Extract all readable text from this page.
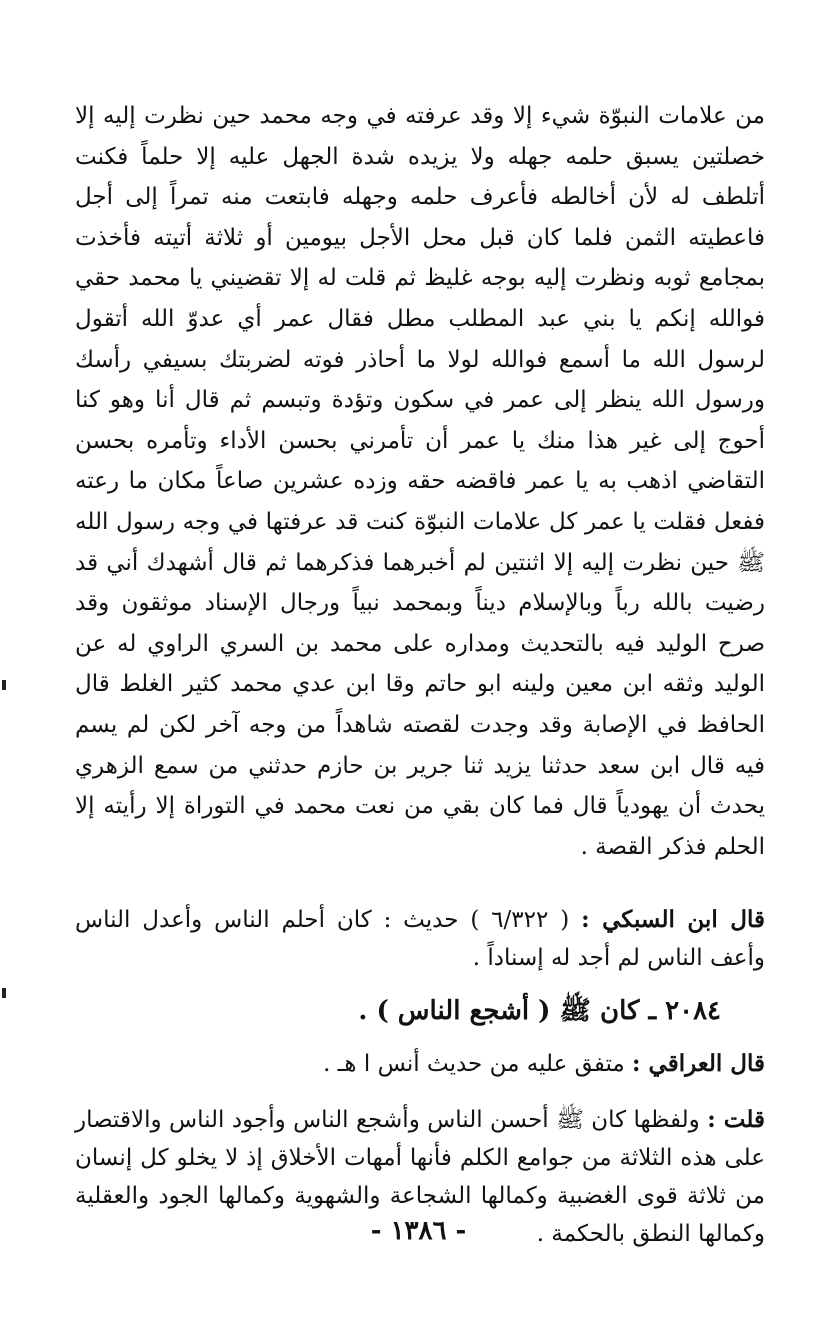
من علامات النبوّة شيء إلا وقد عرفته في وجه محمد حين نظرت إليه إلا خصلتين يسبق حلمه جهله ولا يزيده شدة الجهل عليه إلا حلماً فكنت أتلطف له لأن أخالطه فأعرف حلمه وجهله فابتعت منه تمراً إلى أجل فاعطيته الثمن فلما كان قبل محل الأجل بيومين أو ثلاثة أتيته فأخذت بمجامع ثوبه ونظرت إليه بوجه غليظ ثم قلت له إلا تقضيني يا محمد حقي فوالله إنكم يا بني عبد المطلب مطل فقال عمر أي عدوّ الله أتقول لرسول الله ما أسمع فوالله لولا ما أحاذر فوته لضربتك بسيفي رأسك ورسول الله ينظر إلى عمر في سكون وتؤدة وتبسم ثم قال أنا وهو كنا أحوج إلى غير هذا منك يا عمر أن تأمرني بحسن الأداء وتأمره بحسن التقاضي اذهب به يا عمر فاقضه حقه وزده عشرين صاعاً مكان ما رعته ففعل فقلت يا عمر كل علامات النبوّة كنت قد عرفتها في وجه رسول الله ﷺ حين نظرت إليه إلا اثنتين لم أخبرهما فذكرهما ثم قال أشهدك أني قد رضيت بالله رباً وبالإسلام ديناً وبمحمد نبياً ورجال الإسناد موثقون وقد صرح الوليد فيه بالتحديث ومداره على محمد بن السري الراوي له عن الوليد وثقه ابن معين ولينه ابو حاتم وقا ابن عدي محمد كثير الغلط قال الحافظ في الإصابة وقد وجدت لقصته شاهداً من وجه آخر لكن لم يسم فيه قال ابن سعد حدثنا يزيد ثنا جرير بن حازم حدثني من سمع الزهري يحدث أن يهودياً قال فما كان بقي من نعت محمد في التوراة إلا رأيته إلا الحلم فذكر القصة .

قال ابن السبكي : ( ٦/٣٢٢ ) حديث : كان أحلم الناس وأعدل الناس وأعف الناس لم أجد له إسناداً .

٢٠٨٤ ـ كان ﷺ ( أشجع الناس ) .
قال العراقي : متفق عليه من حديث أنس ا هـ .
قلت : ولفظها كان ﷺ أحسن الناس وأشجع الناس وأجود الناس والاقتصار على هذه الثلاثة من جوامع الكلم فأنها أمهات الأخلاق إذ لا يخلو كل إنسان من ثلاثة قوى الغضبية وكمالها الشجاعة والشهوية وكمالها الجود والعقلية وكمالها النطق بالحكمة .
- ١٣٨٦ -
